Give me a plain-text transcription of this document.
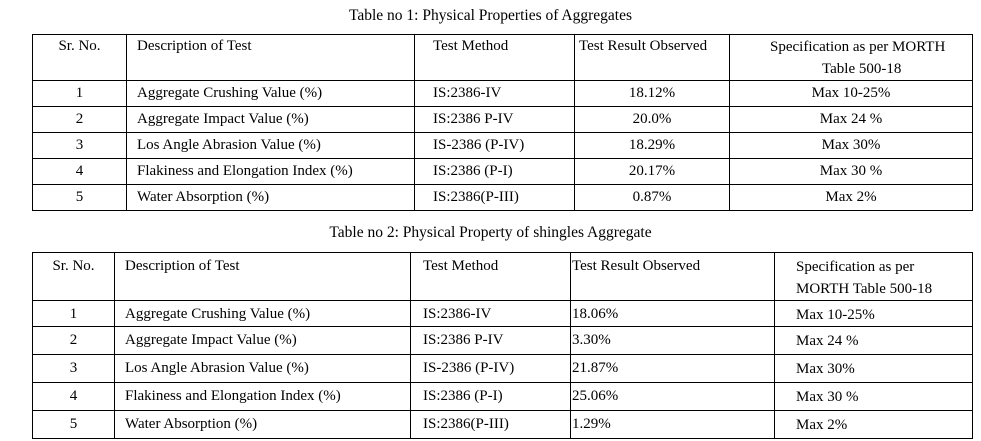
Table no 1: Physical Properties of Aggregates
Sr. No.	Description of Test	Test Method	Test Result Observed	Specification as per MORTH
Table 500-18

1	Aggregate Crushing Value (%)	IS:2386-IV	18.12%	Max 10-25%
2	Aggregate Impact Value (%)	IS:2386 P-IV	20.0%	Max 24 %
3	Los Angle Abrasion Value (%)	IS-2386 (P-IV)	18.29%	Max 30%
4	Flakiness and Elongation Index (%)	IS:2386 (P-I)	20.17%	Max 30 %
5	Water Absorption (%)	IS:2386(P-III)	0.87%	Max 2%
Table no 2: Physical Property of shingles Aggregate
Sr. No.	Description of Test	Test Method	Test Result Observed	Specification as per
MORTH Table 500-18

1	Aggregate Crushing Value (%)	IS:2386-IV	18.06%	Max 10-25%
2	Aggregate Impact Value (%)	IS:2386 P-IV	3.30%	Max 24 %
3	Los Angle Abrasion Value (%)	IS-2386 (P-IV)	21.87%	Max 30%
4	Flakiness and Elongation Index (%)	IS:2386 (P-I)	25.06%	Max 30 %
5	Water Absorption (%)	IS:2386(P-III)	1.29%	Max 2%
